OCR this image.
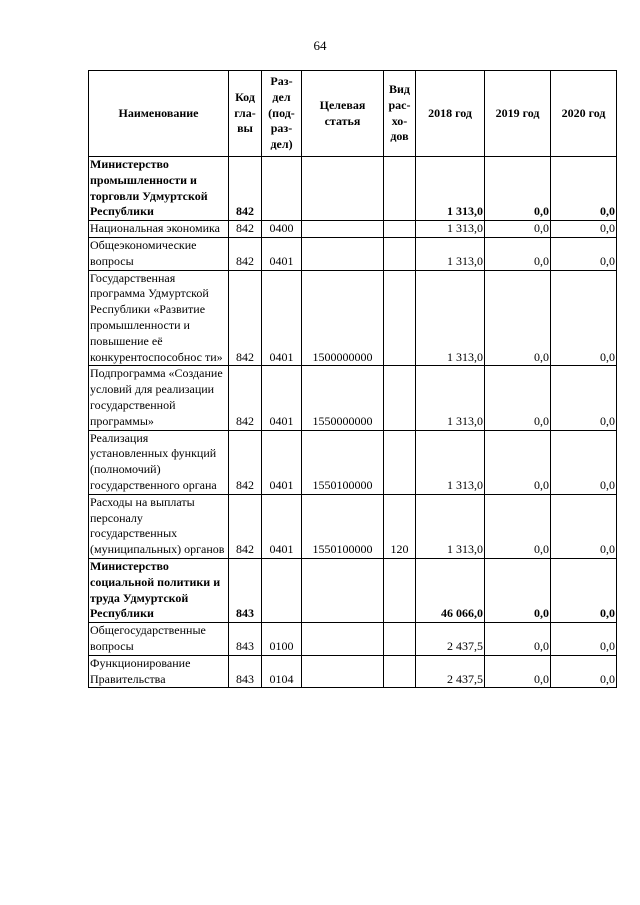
64
Наименование	Код гла- вы	Раз- дел (под- раз- дел)	Целевая статья	Вид рас- хо- дов	2018 год	2019 год	2020 год
Министерство промышленности и торговли Удмуртской Республики	842				1 313,0	0,0	0,0
Национальная экономика	842	0400			1 313,0	0,0	0,0
Общеэкономические вопросы	842	0401			1 313,0	0,0	0,0
Государственная программа Удмуртской Республики «Развитие промышленности и повышение её конкурентоспособнос ти»	842	0401	1500000000		1 313,0	0,0	0,0
Подпрограмма «Создание условий для реализации государственной программы»	842	0401	1550000000		1 313,0	0,0	0,0
Реализация установленных функций (полномочий) государственного органа	842	0401	1550100000		1 313,0	0,0	0,0
Расходы на выплаты персоналу государственных (муниципальных) органов	842	0401	1550100000	120	1 313,0	0,0	0,0
Министерство социальной политики и труда Удмуртской Республики	843				46 066,0	0,0	0,0
Общегосударственные вопросы	843	0100			2 437,5	0,0	0,0
Функционирование Правительства	843	0104			2 437,5	0,0	0,0
